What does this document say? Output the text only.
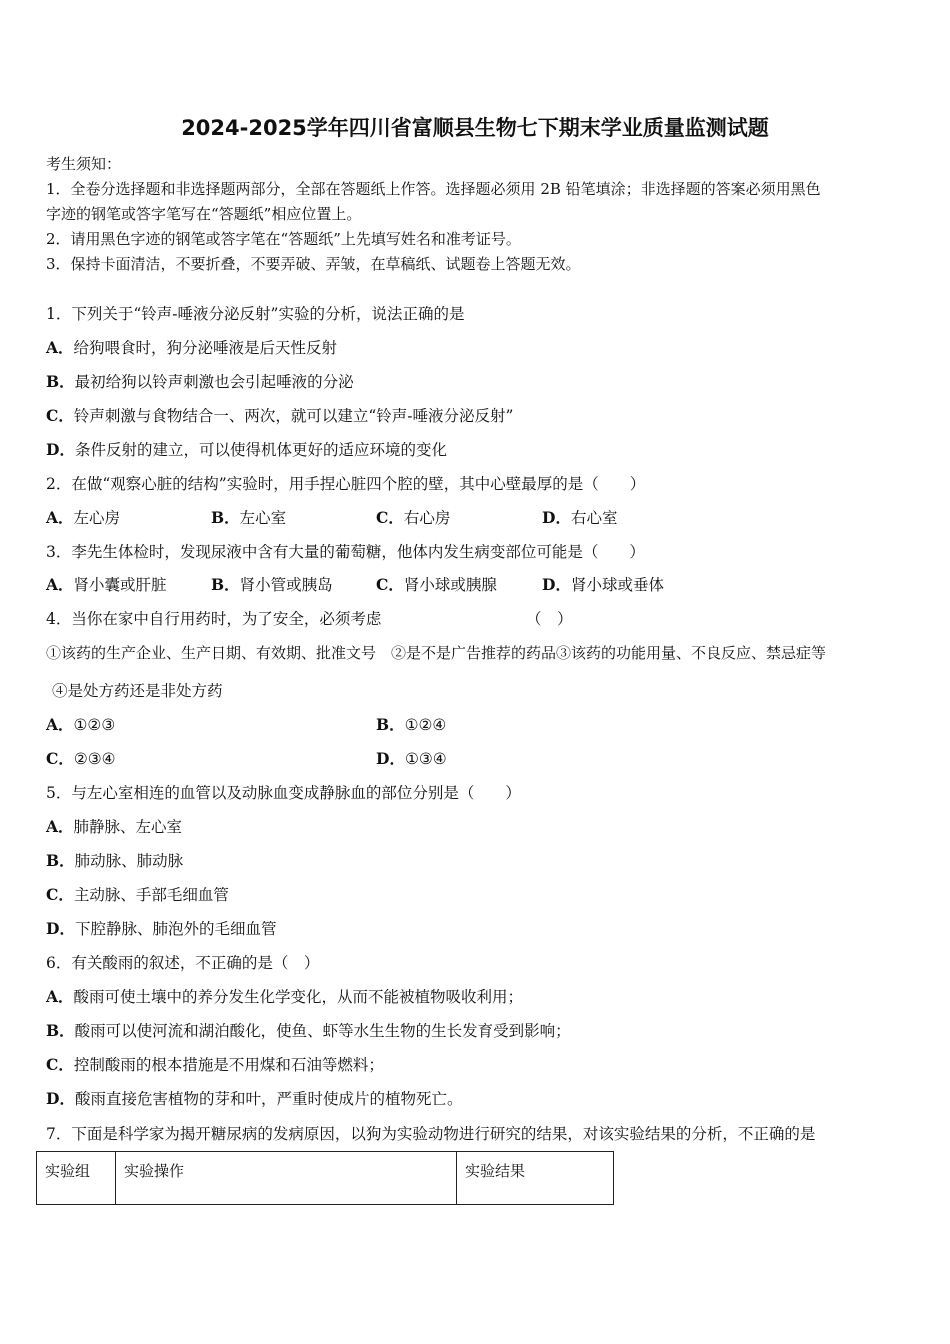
2024-2025学年四川省富顺县生物七下期末学业质量监测试题
考生须知：
1．全卷分选择题和非选择题两部分，全部在答题纸上作答。选择题必须用 2B 铅笔填涂；非选择题的答案必须用黑色
字迹的钢笔或答字笔写在“答题纸”相应位置上。
2．请用黑色字迹的钢笔或答字笔在“答题纸”上先填写姓名和准考证号。
3．保持卡面清洁，不要折叠，不要弄破、弄皱，在草稿纸、试题卷上答题无效。
1．下列关于“铃声-唾液分泌反射”实验的分析，说法正确的是
A．给狗喂食时，狗分泌唾液是后天性反射
B．最初给狗以铃声刺激也会引起唾液的分泌
C．铃声刺激与食物结合一、两次，就可以建立“铃声-唾液分泌反射”
D．条件反射的建立，可以使得机体更好的适应环境的变化
2．在做“观察心脏的结构”实验时，用手捏心脏四个腔的壁，其中心壁最厚的是（　　）
A．左心房	B．左心室	C．右心房	D．右心室
3．李先生体检时，发现尿液中含有大量的葡萄糖，他体内发生病变部位可能是（　　）
A．肾小囊或肝脏	B．肾小管或胰岛	C．肾小球或胰腺	D．肾小球或垂体
4．当你在家中自行用药时，为了安全，必须考虑	（　）
①该药的生产企业、生产日期、有效期、批准文号　②是不是广告推荐的药品③该药的功能用量、不良反应、禁忌症等
④是处方药还是非处方药
A．①②③	B．①②④
C．②③④	D．①③④
5．与左心室相连的血管以及动脉血变成静脉血的部位分别是（　　）
A．肺静脉、左心室
B．肺动脉、肺动脉
C．主动脉、手部毛细血管
D．下腔静脉、肺泡外的毛细血管
6．有关酸雨的叙述，不正确的是（　）
A．酸雨可使土壤中的养分发生化学变化，从而不能被植物吸收利用；
B．酸雨可以使河流和湖泊酸化，使鱼、虾等水生生物的生长发育受到影响；
C．控制酸雨的根本措施是不用煤和石油等燃料；
D．酸雨直接危害植物的芽和叶，严重时使成片的植物死亡。
7．下面是科学家为揭开糖尿病的发病原因，以狗为实验动物进行研究的结果，对该实验结果的分析，不正确的是
实验组	实验操作	实验结果
